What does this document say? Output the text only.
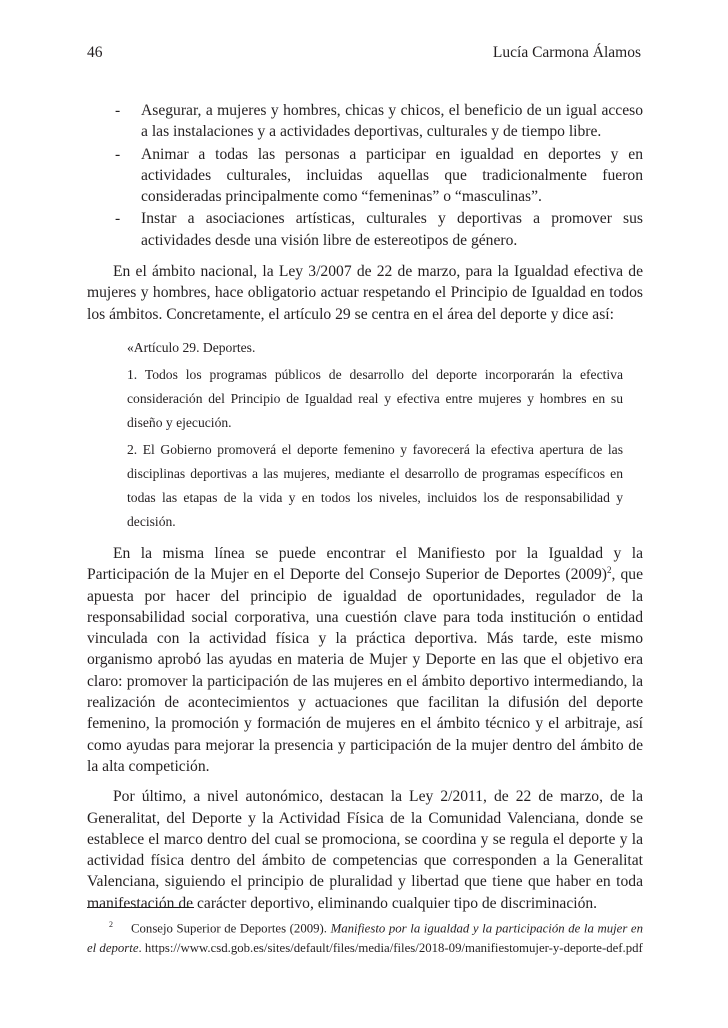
46	Lucía Carmona Álamos
- Asegurar, a mujeres y hombres, chicas y chicos, el beneficio de un igual acceso a las instalaciones y a actividades deportivas, culturales y de tiempo libre.
- Animar a todas las personas a participar en igualdad en deportes y en actividades culturales, incluidas aquellas que tradicionalmente fueron consideradas principalmente como “femeninas” o “masculinas”.
- Instar a asociaciones artísticas, culturales y deportivas a promover sus actividades desde una visión libre de estereotipos de género.

En el ámbito nacional, la Ley 3/2007 de 22 de marzo, para la Igualdad efectiva de mujeres y hombres, hace obligatorio actuar respetando el Principio de Igualdad en todos los ámbitos. Concretamente, el artículo 29 se centra en el área del deporte y dice así:

«Artículo 29. Deportes.
1. Todos los programas públicos de desarrollo del deporte incorporarán la efectiva consideración del Principio de Igualdad real y efectiva entre mujeres y hombres en su diseño y ejecución.
2. El Gobierno promoverá el deporte femenino y favorecerá la efectiva apertura de las disciplinas deportivas a las mujeres, mediante el desarrollo de programas específicos en todas las etapas de la vida y en todos los niveles, incluidos los de responsabilidad y decisión.

En la misma línea se puede encontrar el Manifiesto por la Igualdad y la Participación de la Mujer en el Deporte del Consejo Superior de Deportes $(2009)^2$, que apuesta por hacer del principio de igualdad de oportunidades, regulador de la responsabilidad social corporativa, una cuestión clave para toda institución o entidad vinculada con la actividad física y la práctica deportiva. Más tarde, este mismo organismo aprobó las ayudas en materia de Mujer y Deporte en las que el objetivo era claro: promover la participación de las mujeres en el ámbito deportivo intermediando, la realización de acontecimientos y actuaciones que facilitan la difusión del deporte femenino, la promoción y formación de mujeres en el ámbito técnico y el arbitraje, así como ayudas para mejorar la presencia y participación de la mujer dentro del ámbito de la alta competición.

Por último, a nivel autonómico, destacan la Ley 2/2011, de 22 de marzo, de la Generalitat, del Deporte y la Actividad Física de la Comunidad Valenciana, donde se establece el marco dentro del cual se promociona, se coordina y se regula el deporte y la actividad física dentro del ámbito de competencias que corresponden a la Generalitat Valenciana, siguiendo el principio de pluralidad y libertad que tiene que haber en toda manifestación de carácter deportivo, eliminando cualquier tipo de discriminación.

$^2$ Consejo Superior de Deportes (2009). Manifiesto por la igualdad y la participación de la mujer en el deporte. https://www.csd.gob.es/sites/default/files/media/files/2018-09/manifiestomujer-y-deporte-def.pdf
